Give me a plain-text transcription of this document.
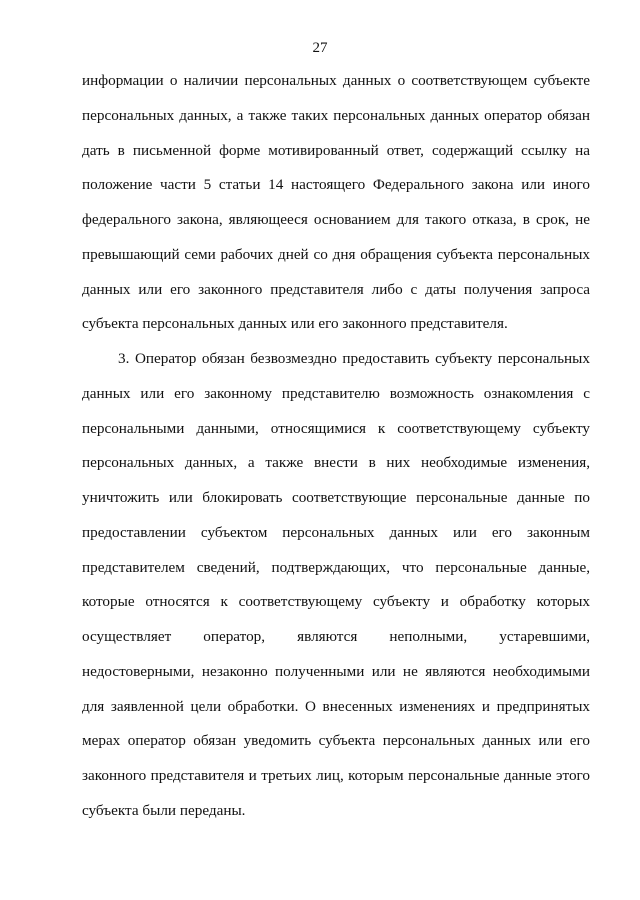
27
информации о наличии персональных данных о соответствующем субъекте
персональных данных, а также таких персональных данных оператор обязан
дать в письменной форме мотивированный ответ, содержащий ссылку на
положение части 5 статьи 14 настоящего Федерального закона или иного
федерального закона, являющееся основанием для такого отказа, в срок, не
превышающий семи рабочих дней со дня обращения субъекта персональных
данных или его законного представителя либо с даты получения запроса
субъекта персональных данных или его законного представителя.
3. Оператор обязан безвозмездно предоставить субъекту персональных
данных или его законному представителю возможность ознакомления с
персональными данными, относящимися к соответствующему субъекту
персональных данных, а также внести в них необходимые изменения,
уничтожить или блокировать соответствующие персональные данные по
предоставлении субъектом персональных данных или его законным
представителем сведений, подтверждающих, что персональные данные,
которые относятся к соответствующему субъекту и обработку которых
осуществляет оператор, являются неполными, устаревшими,
недостоверными, незаконно полученными или не являются необходимыми
для заявленной цели обработки. О внесенных изменениях и предпринятых
мерах оператор обязан уведомить субъекта персональных данных или его
законного представителя и третьих лиц, которым персональные данные этого
субъекта были переданы.
